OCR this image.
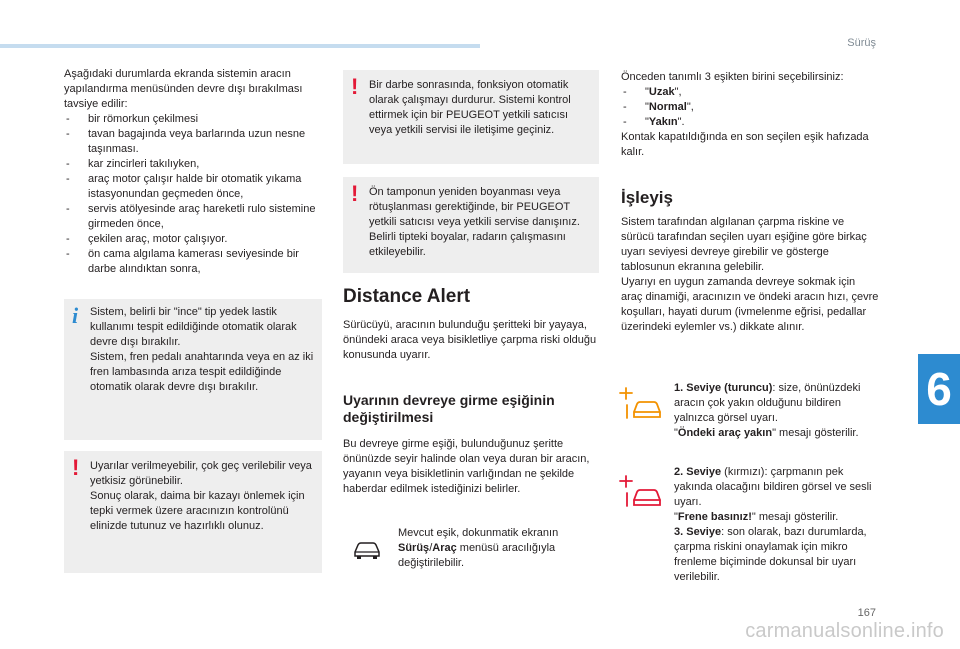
Sürüş
6
167

Aşağıdaki durumlarda ekranda sistemin aracın yapılandırma menüsünden devre dışı bırakılması tavsiye edilir:

- bir römorkun çekilmesi
- tavan bagajında veya barlarında uzun nesne taşınması.
- kar zincirleri takılıyken,
- araç motor çalışır halde bir otomatik yıkama istasyonundan geçmeden önce,
- servis atölyesinde araç hareketli rulo sistemine girmeden önce,
- çekilen araç, motor çalışıyor.
- ön cama algılama kamerası seviyesinde bir darbe alındıktan sonra,
i Sistem, belirli bir "ince" tip yedek lastik kullanımı tespit edildiğinde otomatik olarak devre dışı bırakılır.

Sistem, fren pedalı anahtarında veya en az iki fren lambasında arıza tespit edildiğinde otomatik olarak devre dışı bırakılır.

! Uyarılar verilmeyebilir, çok geç verilebilir veya yetkisiz görünebilir.

Sonuç olarak, daima bir kazayı önlemek için tepki vermek üzere aracınızın kontrolünü elinizde tutunuz ve hazırlıklı olunuz.

! Bir darbe sonrasında, fonksiyon otomatik olarak çalışmayı durdurur. Sistemi kontrol ettirmek için bir PEUGEOT yetkili satıcısı veya yetkili servisi ile iletişime geçiniz.

! Ön tamponun yeniden boyanması veya rötuşlanması gerektiğinde, bir PEUGEOT yetkili satıcısı veya yetkili servise danışınız. Belirli tipteki boyalar, radarın çalışmasını etkileyebilir.

Distance Alert
Sürücüyü, aracının bulunduğu şeritteki bir yayaya, önündeki araca veya bisikletliye çarpma riski olduğu konusunda uyarır.
Uyarının devreye girme eşiğinin değiştirilmesi
Bu devreye girme eşiği, bulunduğunuz şeritte önünüzde seyir halinde olan veya duran bir aracın, yayanın veya bisikletlinin varlığından ne şekilde haberdar edilmek istediğinizi belirler.
Mevcut eşik, dokunmatik ekranın Sürüş/Araç menüsü aracılığıyla değiştirilebilir.

Önceden tanımlı 3 eşikten birini seçebilirsiniz:

- "Uzak",
- "Normal",
- "Yakın".

Kontak kapatıldığında en son seçilen eşik hafızada kalır.

İşleyiş

Sistem tarafından algılanan çarpma riskine ve sürücü tarafından seçilen uyarı eşiğine göre birkaç uyarı seviyesi devreye girebilir ve gösterge tablosunun ekranına gelebilir.

Uyarıyı en uygun zamanda devreye sokmak için araç dinamiği, aracınızın ve öndeki aracın hızı, çevre koşulları, hayati durum (ivmelenme eğrisi, pedallar üzerindeki eylemler vs.) dikkate alınır.

1. Seviye (turuncu): size, önünüzdeki aracın çok yakın olduğunu bildiren yalnızca görsel uyarı.
"Öndeki araç yakın" mesajı gösterilir.
2. Seviye (kırmızı): çarpmanın pek yakında olacağını bildiren görsel ve sesli uyarı.
"Frene basınız!" mesajı gösterilir.
3. Seviye: son olarak, bazı durumlarda, çarpma riskini onaylamak için mikro frenleme biçiminde dokunsal bir uyarı verilebilir.
carmanualsonline.info
